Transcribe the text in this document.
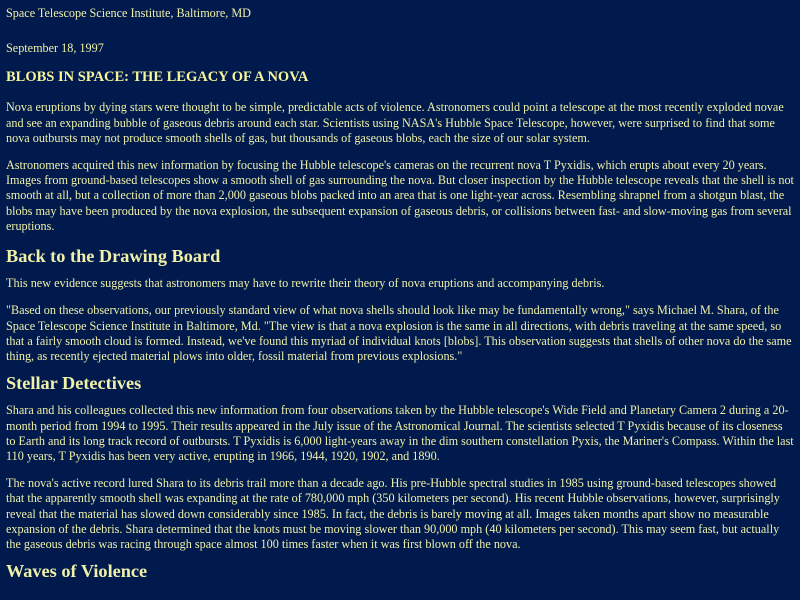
Space Telescope Science Institute, Baltimore, MD

September 18, 1997

BLOBS IN SPACE: THE LEGACY OF A NOVA

Nova eruptions by dying stars were thought to be simple, predictable acts of violence. Astronomers could point a telescope at the most recently exploded novae and see an expanding bubble of gaseous debris around each star. Scientists using NASA's Hubble Space Telescope, however, were surprised to find that some nova outbursts may not produce smooth shells of gas, but thousands of gaseous blobs, each the size of our solar system.

Astronomers acquired this new information by focusing the Hubble telescope's cameras on the recurrent nova T Pyxidis, which erupts about every 20 years. Images from ground-based telescopes show a smooth shell of gas surrounding the nova. But closer inspection by the Hubble telescope reveals that the shell is not smooth at all, but a collection of more than 2,000 gaseous blobs packed into an area that is one light-year across. Resembling shrapnel from a shotgun blast, the blobs may have been produced by the nova explosion, the subsequent expansion of gaseous debris, or collisions between fast- and slow-moving gas from several eruptions.

Back to the Drawing Board

This new evidence suggests that astronomers may have to rewrite their theory of nova eruptions and accompanying debris.

"Based on these observations, our previously standard view of what nova shells should look like may be fundamentally wrong," says Michael M. Shara, of the Space Telescope Science Institute in Baltimore, Md. "The view is that a nova explosion is the same in all directions, with debris traveling at the same speed, so that a fairly smooth cloud is formed. Instead, we've found this myriad of individual knots [blobs]. This observation suggests that shells of other nova do the same thing, as recently ejected material plows into older, fossil material from previous explosions."

Stellar Detectives

Shara and his colleagues collected this new information from four observations taken by the Hubble telescope's Wide Field and Planetary Camera 2 during a 20-month period from 1994 to 1995. Their results appeared in the July issue of the Astronomical Journal. The scientists selected T Pyxidis because of its closeness to Earth and its long track record of outbursts. T Pyxidis is 6,000 light-years away in the dim southern constellation Pyxis, the Mariner's Compass. Within the last 110 years, T Pyxidis has been very active, erupting in 1966, 1944, 1920, 1902, and 1890.

The nova's active record lured Shara to its debris trail more than a decade ago. His pre-Hubble spectral studies in 1985 using ground-based telescopes showed that the apparently smooth shell was expanding at the rate of 780,000 mph (350 kilometers per second). His recent Hubble observations, however, surprisingly reveal that the material has slowed down considerably since 1985. In fact, the debris is barely moving at all. Images taken months apart show no measurable expansion of the debris. Shara determined that the knots must be moving slower than 90,000 mph (40 kilometers per second). This may seem fast, but actually the gaseous debris was racing through space almost 100 times faster when it was first blown off the nova.

Waves of Violence
